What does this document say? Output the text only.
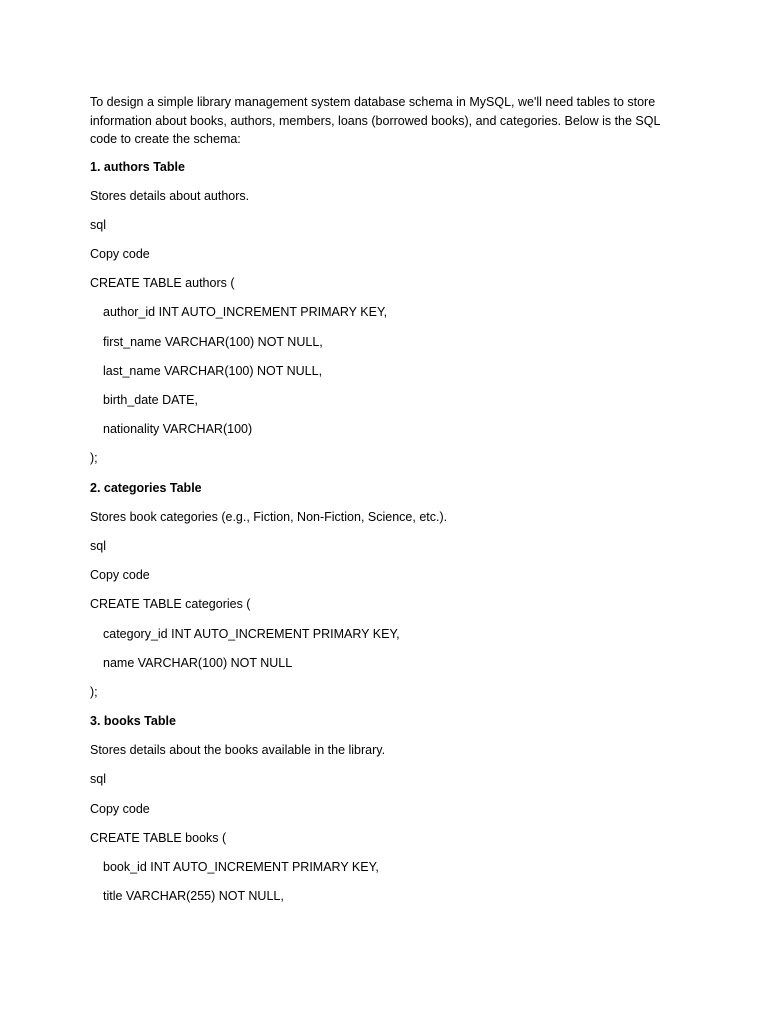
To design a simple library management system database schema in MySQL, we'll need tables to store information about books, authors, members, loans (borrowed books), and categories. Below is the SQL code to create the schema:

1. authors Table

Stores details about authors.

sql

Copy code

CREATE TABLE authors (

author_id INT AUTO_INCREMENT PRIMARY KEY,

first_name VARCHAR(100) NOT NULL,

last_name VARCHAR(100) NOT NULL,

birth_date DATE,

nationality VARCHAR(100)

);

2. categories Table

Stores book categories (e.g., Fiction, Non-Fiction, Science, etc.).

sql

Copy code

CREATE TABLE categories (

category_id INT AUTO_INCREMENT PRIMARY KEY,

name VARCHAR(100) NOT NULL

);

3. books Table

Stores details about the books available in the library.

sql

Copy code

CREATE TABLE books (

book_id INT AUTO_INCREMENT PRIMARY KEY,

title VARCHAR(255) NOT NULL,
